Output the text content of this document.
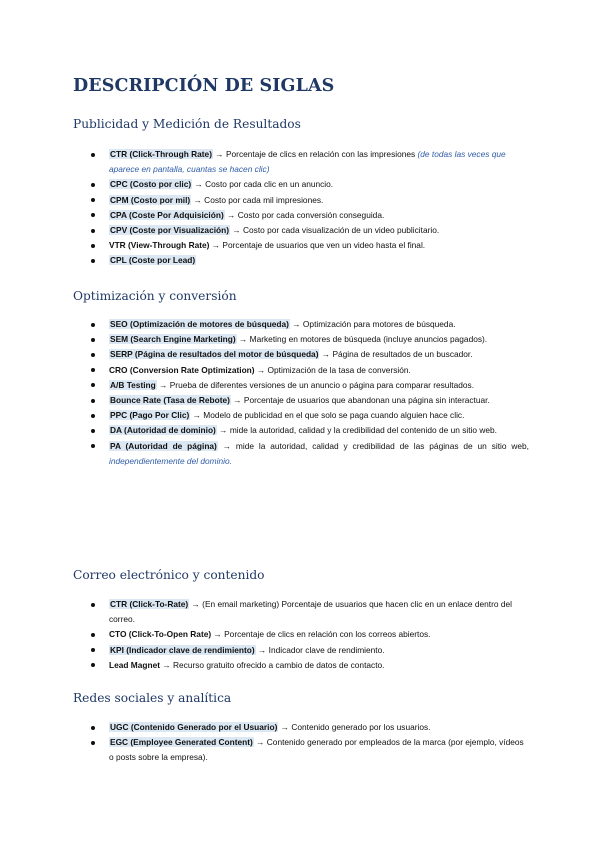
DESCRIPCIÓN DE SIGLAS
Publicidad y Medición de Resultados
CTR (Click-Through Rate) → Porcentaje de clics en relación con las impresiones (de todas las veces que aparece en pantalla, cuantas se hacen clic)
CPC (Costo por clic) → Costo por cada clic en un anuncio.
CPM (Costo por mil) → Costo por cada mil impresiones.
CPA (Coste Por Adquisición) → Costo por cada conversión conseguida.
CPV (Coste por Visualización) → Costo por cada visualización de un video publicitario.
VTR (View-Through Rate) → Porcentaje de usuarios que ven un video hasta el final.
CPL (Coste por Lead)
Optimización y conversión
SEO (Optimización de motores de búsqueda) → Optimización para motores de búsqueda.
SEM (Search Engine Marketing) → Marketing en motores de búsqueda (incluye anuncios pagados).
SERP (Página de resultados del motor de búsqueda) → Página de resultados de un buscador.
CRO (Conversion Rate Optimization) → Optimización de la tasa de conversión.
A/B Testing → Prueba de diferentes versiones de un anuncio o página para comparar resultados.
Bounce Rate (Tasa de Rebote) → Porcentaje de usuarios que abandonan una página sin interactuar.
PPC (Pago Por Clic) → Modelo de publicidad en el que solo se paga cuando alguien hace clic.
DA (Autoridad de dominio) → mide la autoridad, calidad y la credibilidad del contenido de un sitio web.
PA (Autoridad de página) → mide la autoridad, calidad y credibilidad de las páginas de un sitio web, independientemente del dominio.
Correo electrónico y contenido
CTR (Click-To-Rate) → (En email marketing) Porcentaje de usuarios que hacen clic en un enlace dentro del correo.
CTO (Click-To-Open Rate) → Porcentaje de clics en relación con los correos abiertos.
KPI (Indicador clave de rendimiento) → Indicador clave de rendimiento.
Lead Magnet → Recurso gratuito ofrecido a cambio de datos de contacto.
Redes sociales y analítica
UGC (Contenido Generado por el Usuario) → Contenido generado por los usuarios.
EGC (Employee Generated Content) → Contenido generado por empleados de la marca (por ejemplo, vídeos o posts sobre la empresa).
